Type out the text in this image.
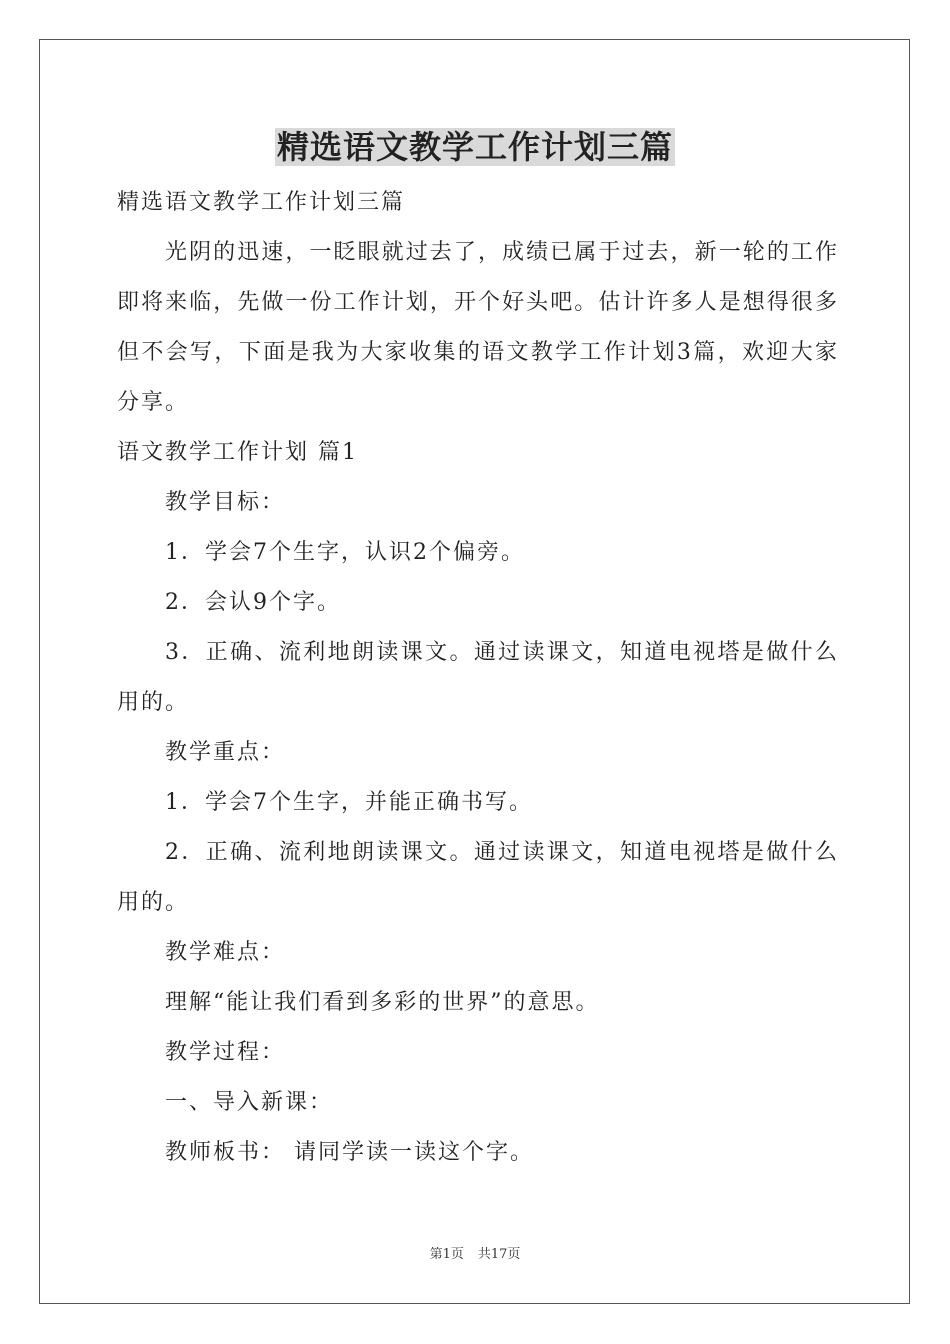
精选语文教学工作计划三篇

精选语文教学工作计划三篇

光阴的迅速，一眨眼就过去了，成绩已属于过去，新一轮的工作即将来临，先做一份工作计划，开个好头吧。估计许多人是想得很多但不会写，下面是我为大家收集的语文教学工作计划3篇，欢迎大家分享。

语文教学工作计划 篇1

教学目标：

1．学会7个生字，认识2个偏旁。

2．会认9个字。

3．正确、流利地朗读课文。通过读课文，知道电视塔是做什么用的。

教学重点：

1．学会7个生字，并能正确书写。

2．正确、流利地朗读课文。通过读课文，知道电视塔是做什么用的。

教学难点：

理解“能让我们看到多彩的世界”的意思。

教学过程：

一、导入新课：

教师板书： 请同学读一读这个字。

第1页 共17页
